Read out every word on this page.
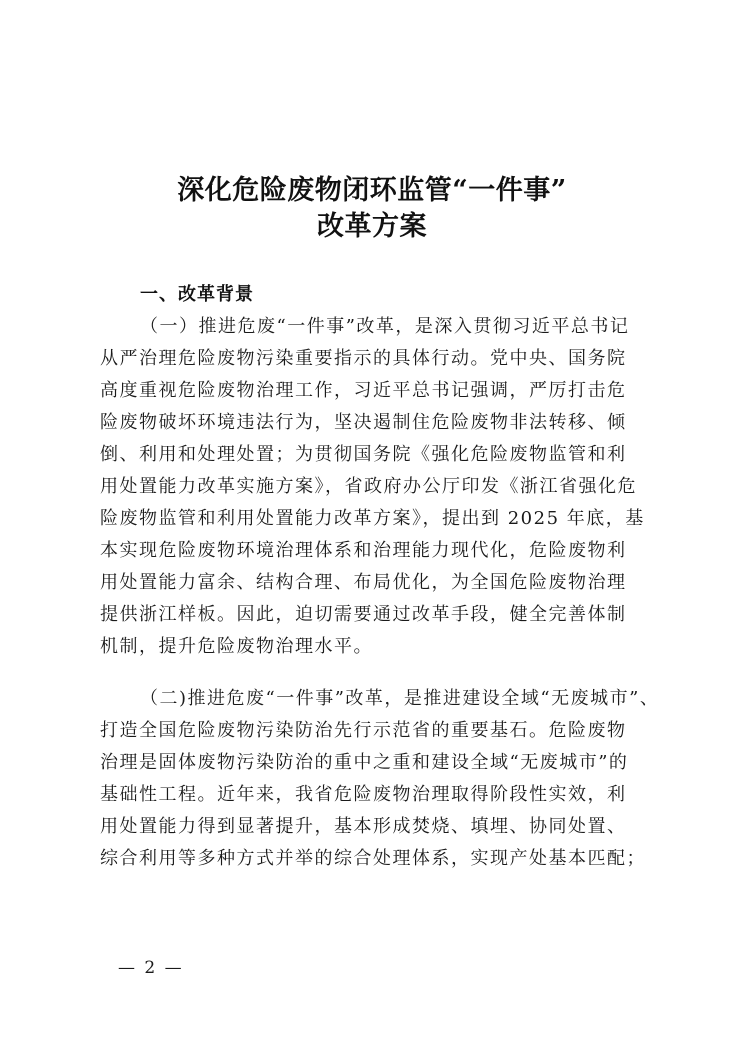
深化危险废物闭环监管“一件事”
改革方案
一、改革背景
（一）推进危废“一件事”改革，是深入贯彻习近平总书记
从严治理危险废物污染重要指示的具体行动。党中央、国务院
高度重视危险废物治理工作，习近平总书记强调，严厉打击危
险废物破坏环境违法行为，坚决遏制住危险废物非法转移、倾
倒、利用和处理处置；为贯彻国务院《强化危险废物监管和利
用处置能力改革实施方案》，省政府办公厅印发《浙江省强化危
险废物监管和利用处置能力改革方案》，提出到 2025 年底，基
本实现危险废物环境治理体系和治理能力现代化，危险废物利
用处置能力富余、结构合理、布局优化，为全国危险废物治理
提供浙江样板。因此，迫切需要通过改革手段，健全完善体制
机制，提升危险废物治理水平。
（二)推进危废“一件事”改革，是推进建设全域“无废城市”、
打造全国危险废物污染防治先行示范省的重要基石。危险废物
治理是固体废物污染防治的重中之重和建设全域“无废城市”的
基础性工程。近年来，我省危险废物治理取得阶段性实效，利
用处置能力得到显著提升，基本形成焚烧、填埋、协同处置、
综合利用等多种方式并举的综合处理体系，实现产处基本匹配；
— 2 —
